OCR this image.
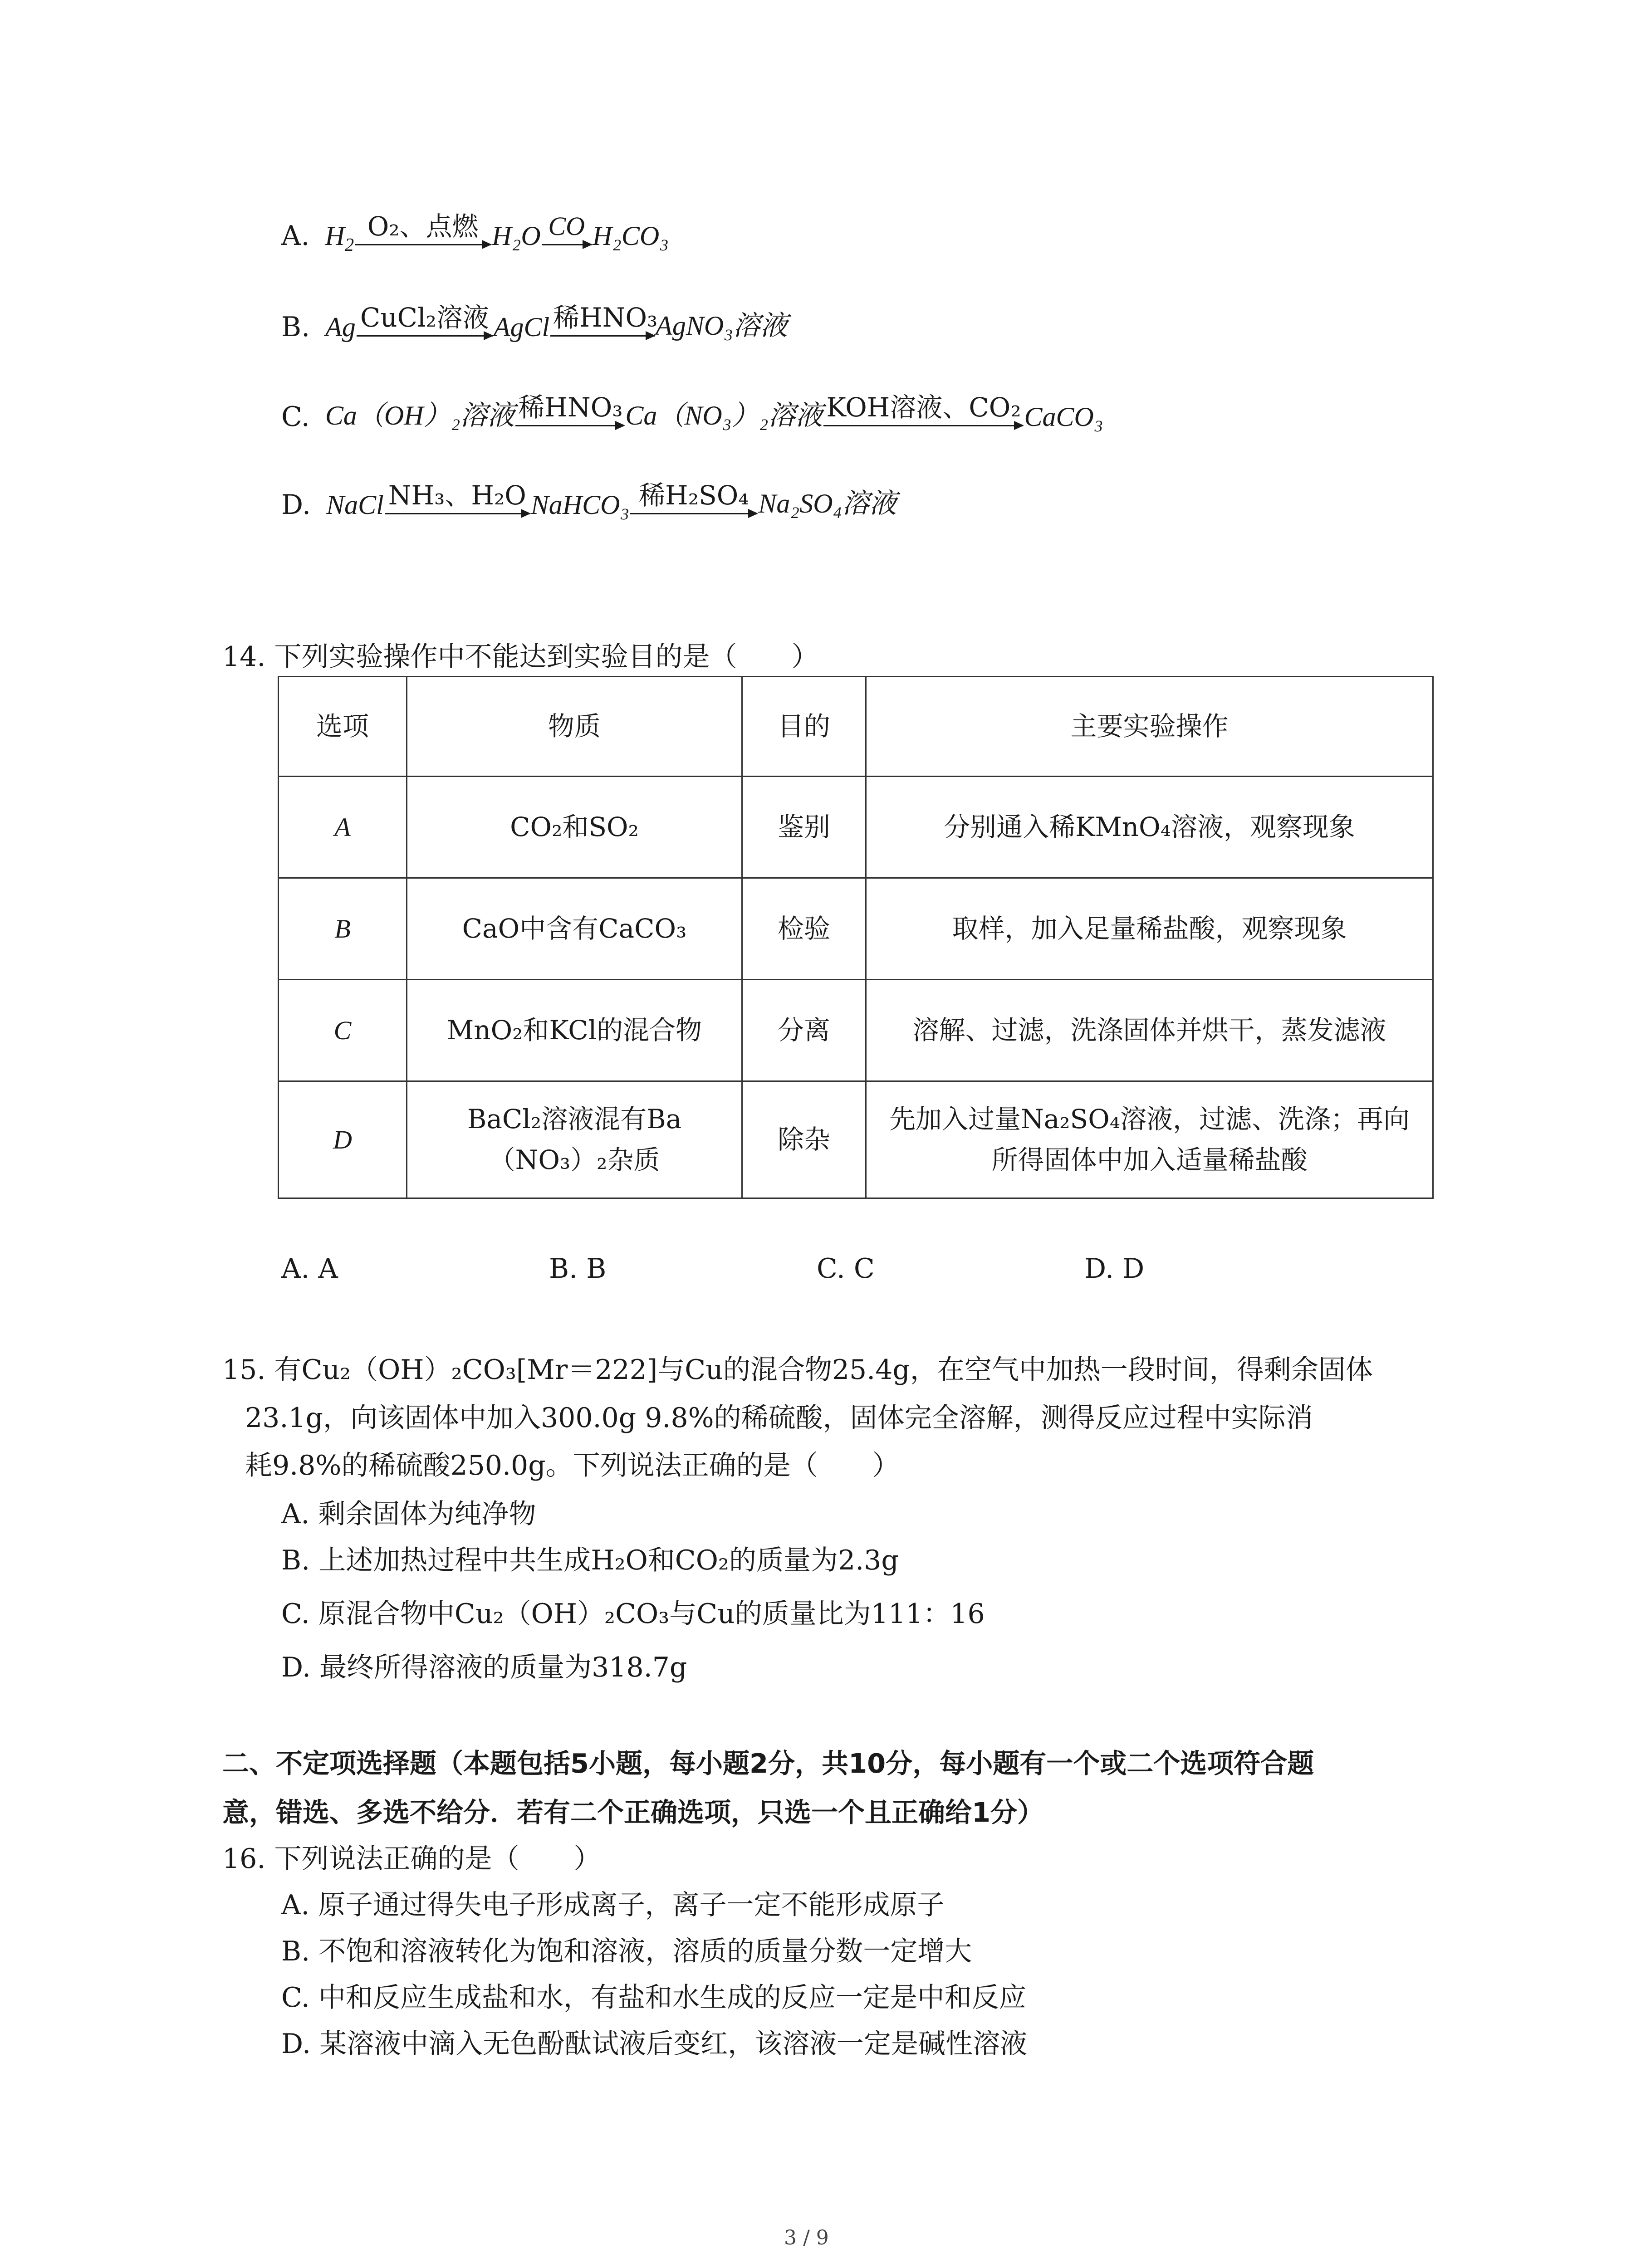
A. $H_2$
O₂、点燃 H₂O CO H₂CO₃
B. Ag CuCl₂溶液 AgCl 稀HNO₃
AgNO₃溶液
C. Ca（OH）₂溶液 稀HNO₃ Ca（NO₃）₂溶液 KOH溶液、CO₂ CaCO₃
D. NaCl NH₃、H₂O NaHCO₃ 稀H₂SO₄ Na₂SO₄溶液
14. 下列实验操作中不能达到实验目的是（　　）
选项	物质	目的	主要实验操作
A	CO₂和SO₂	鉴别	分别通入稀KMnO₄溶液，观察现象
B	CaO中含有CaCO₃	检验	取样，加入足量稀盐酸，观察现象
C	MnO₂和KCl的混合物	分离	溶解、过滤，洗涤固体并烘干，蒸发滤液
D	BaCl₂溶液混有Ba（NO₃）₂杂质	除杂	先加入过量Na₂SO₄溶液，过滤、洗涤；再向所得固体中加入适量稀盐酸
A. A	B. B	C. C	D. D
15. 有Cu₂（OH）₂CO₃[Mr＝222]与Cu的混合物25.4g，在空气中加热一段时间，得剩余固体
23.1g，向该固体中加入300.0g 9.8%的稀硫酸，固体完全溶解，测得反应过程中实际消
耗9.8%的稀硫酸250.0g。下列说法正确的是（　　）
A. 剩余固体为纯净物
B. 上述加热过程中共生成H₂O和CO₂的质量为2.3g
C. 原混合物中Cu₂（OH）₂CO₃与Cu的质量比为111：16
D. 最终所得溶液的质量为318.7g
二、不定项选择题（本题包括5小题，每小题2分，共10分，每小题有一个或二个选项符合题
意，错选、多选不给分．若有二个正确选项，只选一个且正确给1分）
16. 下列说法正确的是（　　）
A. 原子通过得失电子形成离子，离子一定不能形成原子
B. 不饱和溶液转化为饱和溶液，溶质的质量分数一定增大
C. 中和反应生成盐和水，有盐和水生成的反应一定是中和反应
D. 某溶液中滴入无色酚酞试液后变红，该溶液一定是碱性溶液
3 / 9
